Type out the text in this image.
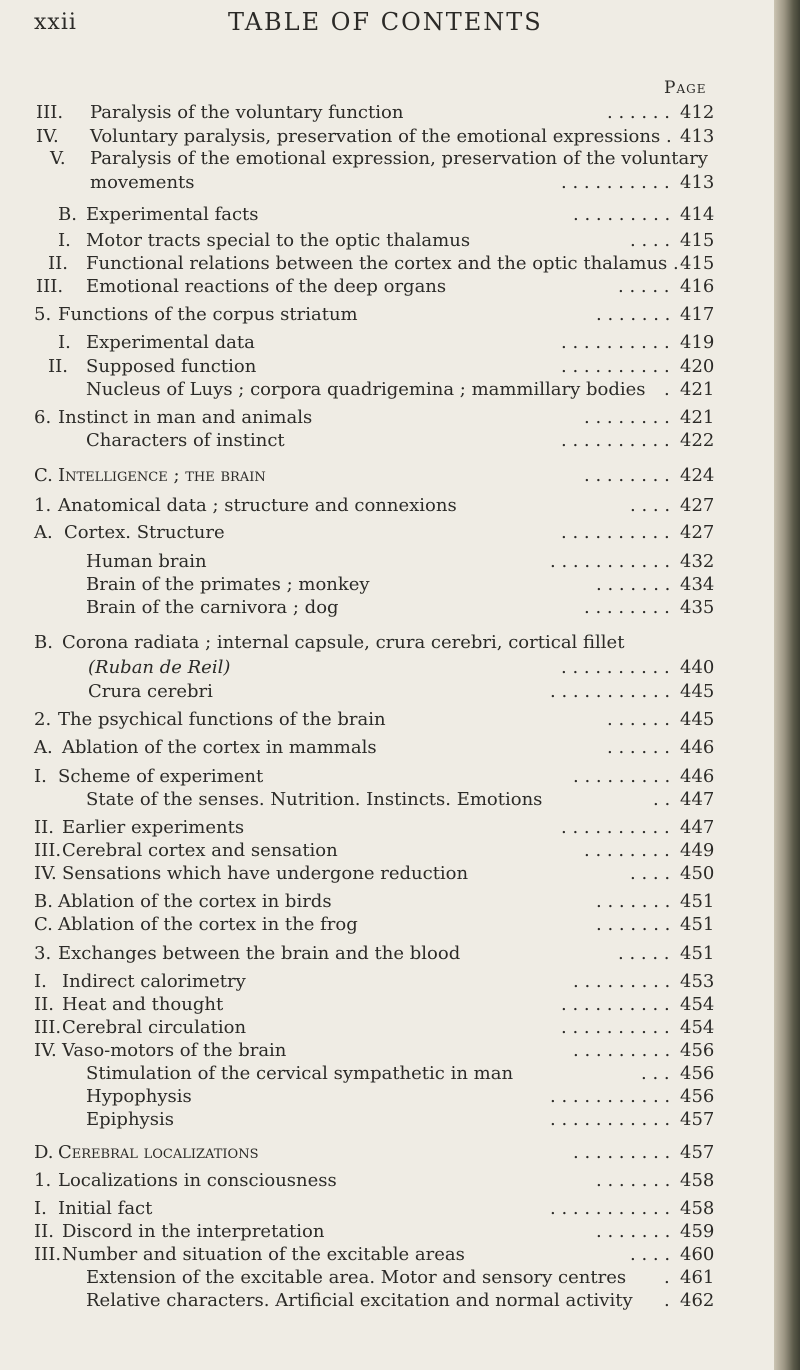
xxii	TABLE OF CONTENTS
Page
III. Paralysis of the voluntary function	. . . . . . 412
IV. Voluntary paralysis, preservation of the emotional expressions . 413
V. Paralysis of the emotional expression, preservation of the voluntary
movements	. . . . . . . . . . 413
B. Experimental facts	. . . . . . . . . 414
I. Motor tracts special to the optic thalamus	. . . . 415
II. Functional relations between the cortex and the optic thalamus . 415
III. Emotional reactions of the deep organs	. . . . . 416
5. Functions of the corpus striatum	. . . . . . . 417
I. Experimental data	. . . . . . . . . . 419
II. Supposed function	. . . . . . . . . . 420
Nucleus of Luys ; corpora quadrigemina ; mammillary bodies . 421
6. Instinct in man and animals	. . . . . . . . 421
Characters of instinct	. . . . . . . . . . 422
C. Intelligence ; the brain	. . . . . . . . 424
1. Anatomical data ; structure and connexions	. . . . 427
A. Cortex. Structure	. . . . . . . . . . 427
Human brain	. . . . . . . . . . . 432
Brain of the primates ; monkey	. . . . . . . 434
Brain of the carnivora ; dog	. . . . . . . . 435
B. Corona radiata ; internal capsule, crura cerebri, cortical fillet
(Ruban de Reil)	. . . . . . . . . . 440
Crura cerebri	. . . . . . . . . . . 445
2. The psychical functions of the brain	. . . . . . 445
A. Ablation of the cortex in mammals	. . . . . . 446
I. Scheme of experiment	. . . . . . . . . 446
State of the senses. Nutrition. Instincts. Emotions	. . 447
II. Earlier experiments	. . . . . . . . . . 447
III. Cerebral cortex and sensation	. . . . . . . . 449
IV. Sensations which have undergone reduction	. . . . 450
B. Ablation of the cortex in birds	. . . . . . . 451
C. Ablation of the cortex in the frog	. . . . . . . 451
3. Exchanges between the brain and the blood	. . . . . 451
I. Indirect calorimetry	. . . . . . . . . 453
II. Heat and thought	. . . . . . . . . . 454
III. Cerebral circulation	. . . . . . . . . . 454
IV. Vaso-motors of the brain	. . . . . . . . . 456
Stimulation of the cervical sympathetic in man	. . . 456
Hypophysis	. . . . . . . . . . . 456
Epiphysis	. . . . . . . . . . . 457
D. Cerebral localizations	. . . . . . . . . 457
1. Localizations in consciousness	. . . . . . . 458
I. Initial fact	. . . . . . . . . . . 458
II. Discord in the interpretation	. . . . . . . 459
III. Number and situation of the excitable areas	. . . . 460
Extension of the excitable area. Motor and sensory centres . 461
Relative characters. Artificial excitation and normal activity . 462
